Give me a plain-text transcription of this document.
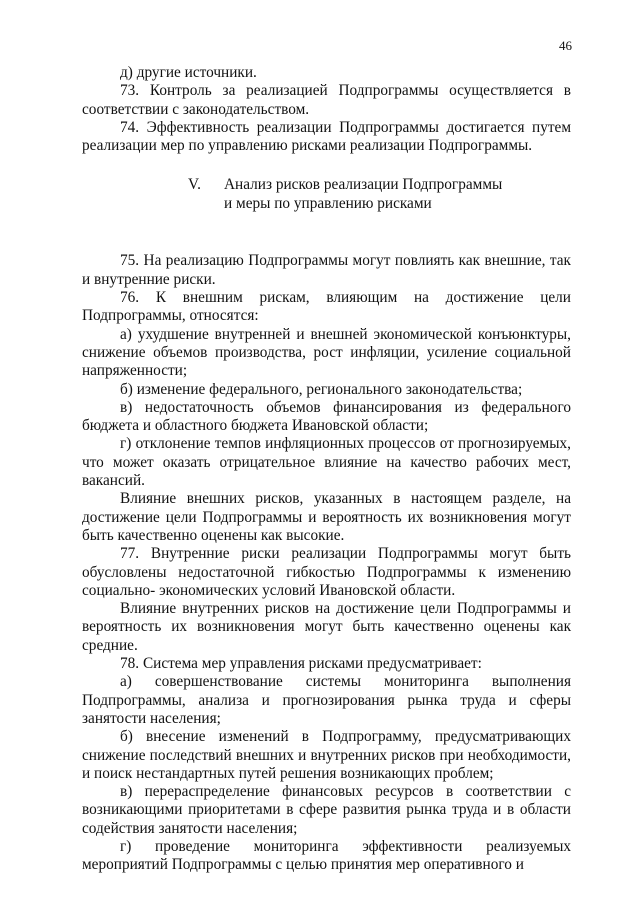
46

д) другие источники.

73. Контроль за реализацией Подпрограммы осуществляется в соответствии с законодательством.

74. Эффективность реализации Подпрограммы достигается путем реализации мер по управлению рисками реализации Подпрограммы.

V. Анализ рисков реализации Подпрограммы
и меры по управлению рисками

75. На реализацию Подпрограммы могут повлиять как внешние, так и внутренние риски.

76. К внешним рискам, влияющим на достижение цели Подпрограммы, относятся:

а) ухудшение внутренней и внешней экономической конъюнктуры, снижение объемов производства, рост инфляции, усиление социальной напряженности;

б) изменение федерального, регионального законодательства;

в) недостаточность объемов финансирования из федерального бюджета и областного бюджета Ивановской области;

г) отклонение темпов инфляционных процессов от прогнозируемых, что может оказать отрицательное влияние на качество рабочих мест, вакансий.

Влияние внешних рисков, указанных в настоящем разделе, на достижение цели Подпрограммы и вероятность их возникновения могут быть качественно оценены как высокие.

77. Внутренние риски реализации Подпрограммы могут быть обусловлены недостаточной гибкостью Подпрограммы к изменению социально- экономических условий Ивановской области.

Влияние внутренних рисков на достижение цели Подпрограммы и вероятность их возникновения могут быть качественно оценены как средние.

78. Система мер управления рисками предусматривает:

а) совершенствование системы мониторинга выполнения Подпрограммы, анализа и прогнозирования рынка труда и сферы занятости населения;

б) внесение изменений в Подпрограмму, предусматривающих снижение последствий внешних и внутренних рисков при необходимости, и поиск нестандартных путей решения возникающих проблем;

в) перераспределение финансовых ресурсов в соответствии с возникающими приоритетами в сфере развития рынка труда и в области содействия занятости населения;

г) проведение мониторинга эффективности реализуемых мероприятий Подпрограммы с целью принятия мер оперативного и
